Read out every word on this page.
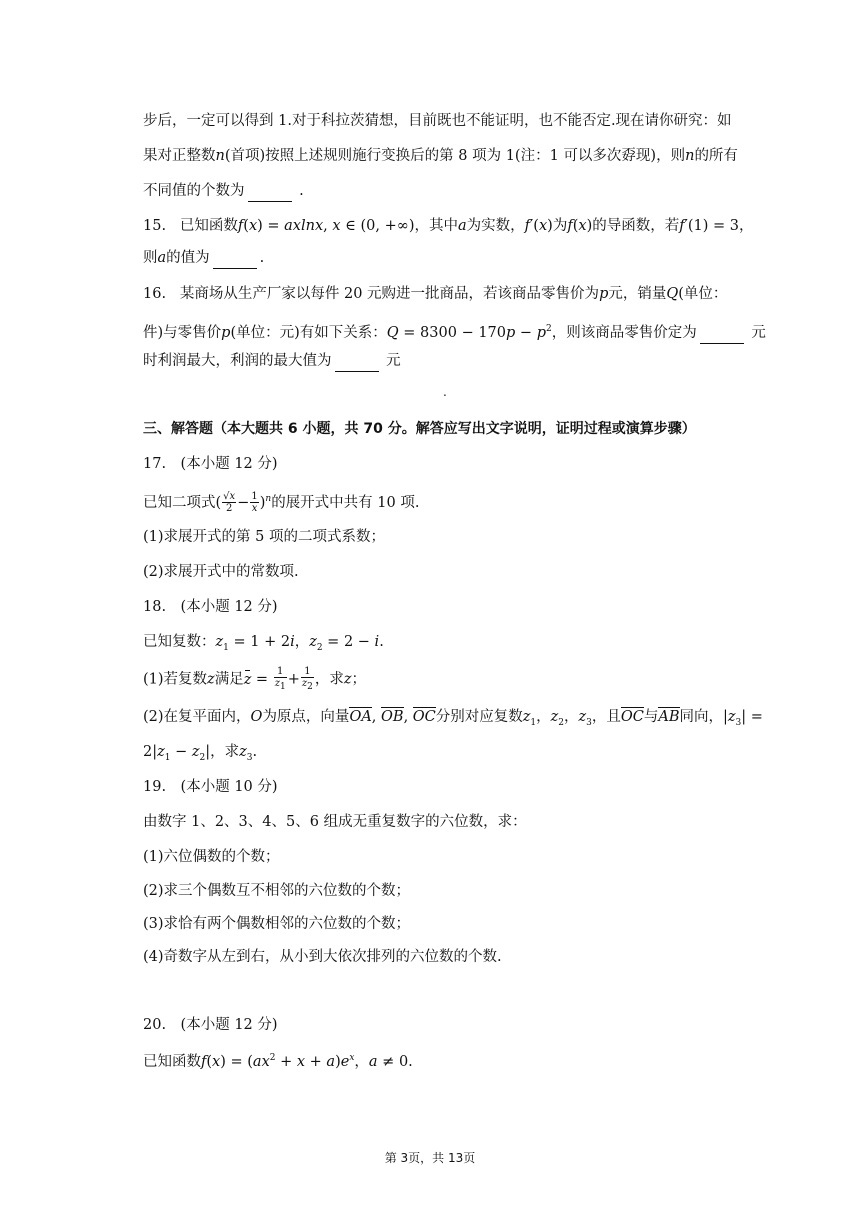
步后，一定可以得到 1.对于科拉茨猜想，目前既也不能证明，也不能否定.现在请你研究：如
果对正整数n(首项)按照上述规则施行变换后的第 8 项为 1(注：1 可以多次孬现)，则n的所有
不同值的个数为	.
15. 已知函数f(x) = axlnx, x ∈ (0, +∞)，其中a为实数，f′(x)为f(x)的导函数，若f′(1) = 3，
则a的值为	.
16. 某商场从生产厂家以每件 20 元购进一批商品，若该商品零售价为p元，销量Q(单位：
件)与零售价p(单位：元)有如下关系：$Q = 8300 - 170p - p^2$，则该商品零售价定为	元
时利润最大，利润的最大值为	元
.
三、解答题（本大题共 6 小题，共 70 分。解答应写出文字说明，证明过程或演算步骤）
17.　(本小题 12 分)
已知二项式( $\frac{√x}{2} - \frac{1}{x} )^n$的展开式中共有 10 项.
(1)求展开式的第 5 项的二项式系数；
(2)求展开式中的常数项.
18.　(本小题 12 分)
已知复数：$z_1 = 1 + 2i$，$z_2 = 2 - i$.
(1)若复数z满足$z = \frac{1}{z_1} + \frac{1}{z_2}$ ，求z；
(2)在复平面内，O为原点，向量OA, OB, OC分别对应复数$z_1$，$z_2$，$z_3$，且OC与AB同向，$|z_3|$ =
$2|z_1 - z_2|$，求$z_3$.
19.　(本小题 10 分)
由数字 1、2、3、4、5、6 组成无重复数字的六位数，求：
(1)六位偶数的个数；
(2)求三个偶数互不相邻的六位数的个数；
(3)求恰有两个偶数相邻的六位数的个数；
(4)奇数字从左到右，从小到大依次排列的六位数的个数.
20.　(本小题 12 分)
已知函数$f(x) = (ax^2 + x + a)e^x$，a ≠ 0.
第 3页，共 13页
